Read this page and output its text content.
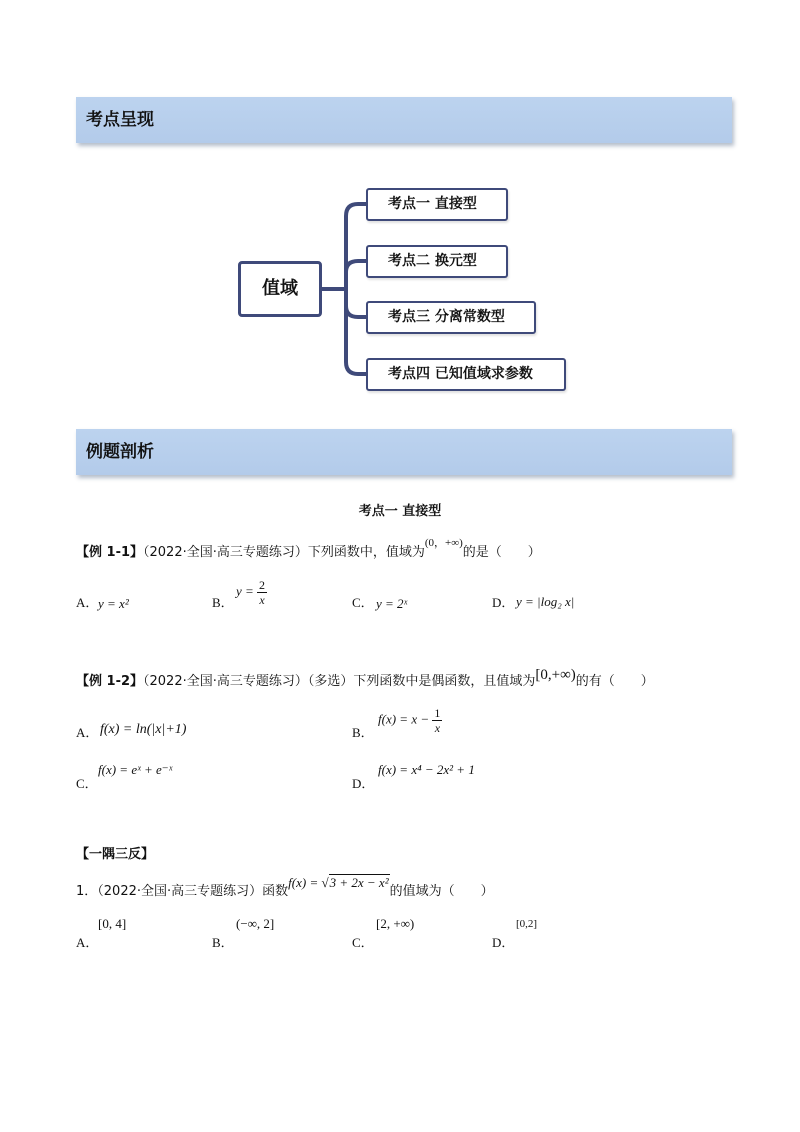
考点呈现
值域
考点一 直接型
考点二 换元型
考点三 分离常数型
考点四 已知值域求参数
例题剖析
考点一 直接型
【例 1-1】（2022·全国·高三专题练习）下列函数中，值域为$^{(0,+\infty)}$的是（　　）
A． y = x²	B．
$y = \frac{2}{x}$	C． y = 2ˣ	D． y = |log₂ x|
【例 1-2】（2022·全国·高三专题练习）（多选）下列函数中是偶函数，且值域为[0,+∞)的有（　　）
A． f(x) = ln(|x|+1)	B．
$f(x) = x - \frac{1}{x}$
C．
f(x) = eˣ + e⁻ˣ
D．
f(x) = x⁴ − 2x² + 1
【一隅三反】
1．（2022·全国·高三专题练习）函数f(x) = √3 + 2x − x²的值域为（　　）
A．
[0, 4]
B．
(−∞, 2]
C．
[2, +∞)
D．
[0,2]
